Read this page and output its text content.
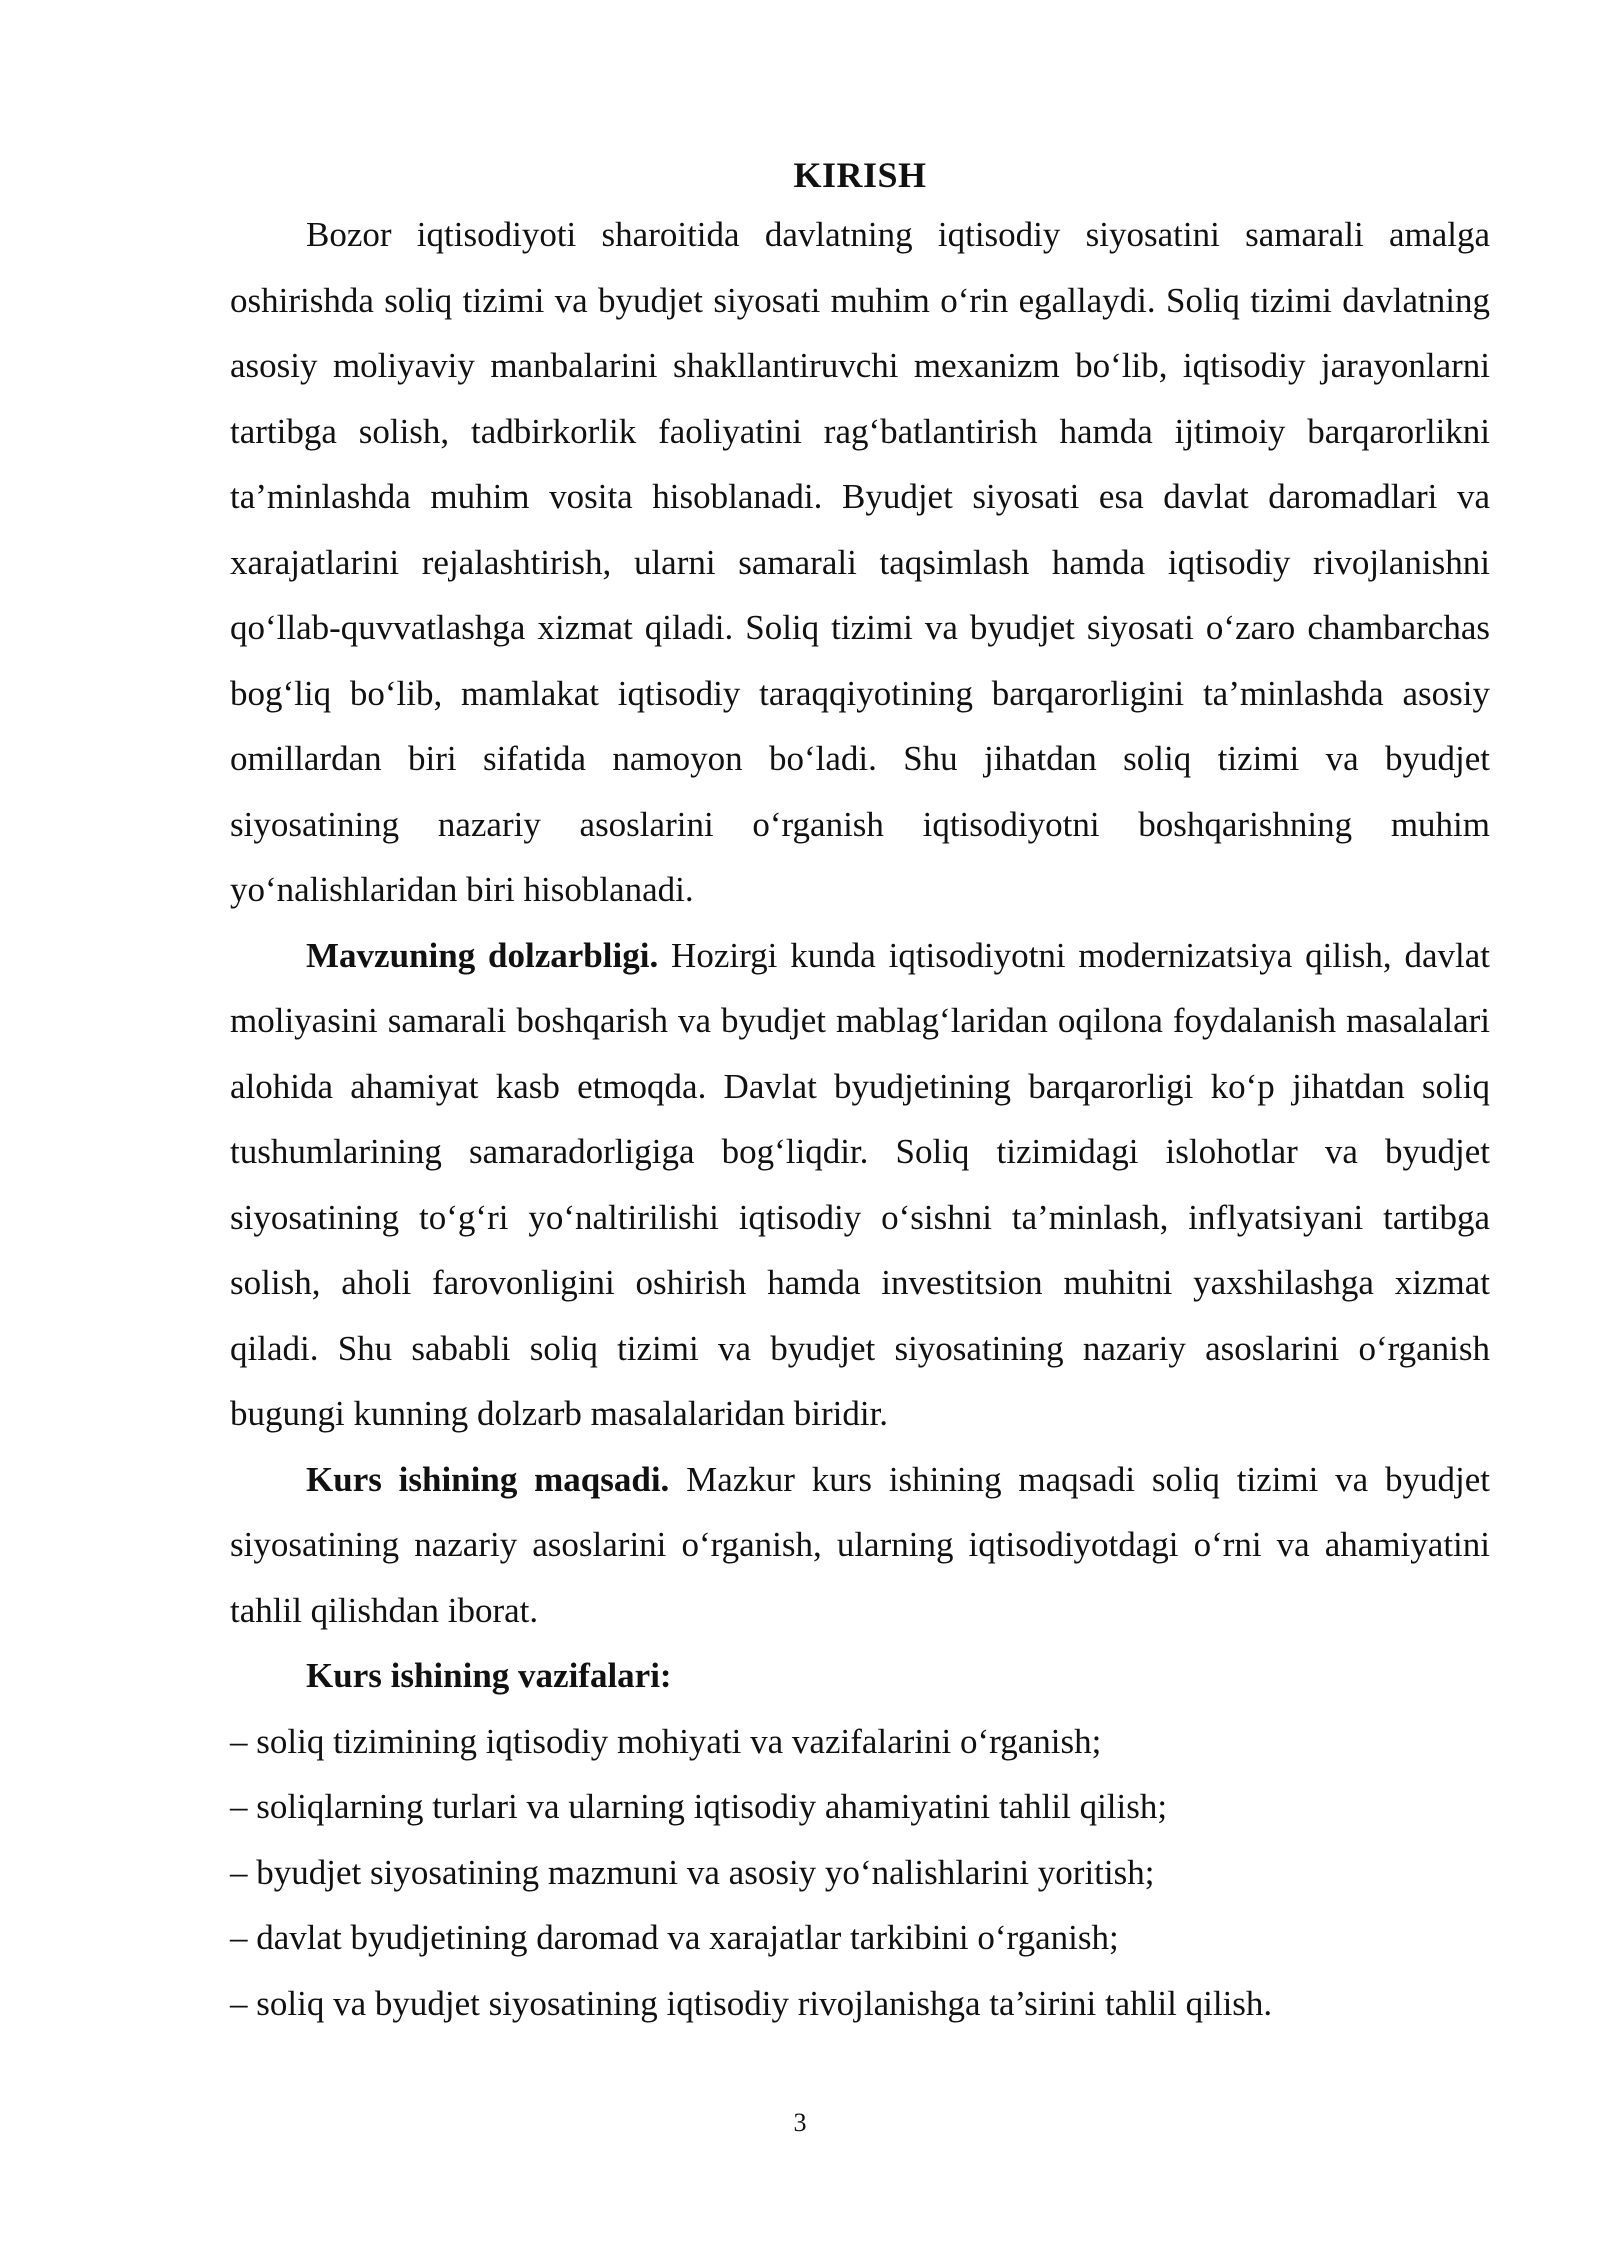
KIRISH

Bozor iqtisodiyoti sharoitida davlatning iqtisodiy siyosatini samarali amalga oshirishda soliq tizimi va byudjet siyosati muhim o‘rin egallaydi. Soliq tizimi davlatning asosiy moliyaviy manbalarini shakllantiruvchi mexanizm bo‘lib, iqtisodiy jarayonlarni tartibga solish, tadbirkorlik faoliyatini rag‘batlantirish hamda ijtimoiy barqarorlikni ta’minlashda muhim vosita hisoblanadi. Byudjet siyosati esa davlat daromadlari va xarajatlarini rejalashtirish, ularni samarali taqsimlash hamda iqtisodiy rivojlanishni qo‘llab-quvvatlashga xizmat qiladi. Soliq tizimi va byudjet siyosati o‘zaro chambarchas bog‘liq bo‘lib, mamlakat iqtisodiy taraqqiyotining barqarorligini ta’minlashda asosiy omillardan biri sifatida namoyon bo‘ladi. Shu jihatdan soliq tizimi va byudjet siyosatining nazariy asoslarini o‘rganish iqtisodiyotni boshqarishning muhim yo‘nalishlaridan biri hisoblanadi.

Mavzuning dolzarbligi. Hozirgi kunda iqtisodiyotni modernizatsiya qilish, davlat moliyasini samarali boshqarish va byudjet mablag‘laridan oqilona foydalanish masalalari alohida ahamiyat kasb etmoqda. Davlat byudjetining barqarorligi ko‘p jihatdan soliq tushumlarining samaradorligiga bog‘liqdir. Soliq tizimidagi islohotlar va byudjet siyosatining to‘g‘ri yo‘naltirilishi iqtisodiy o‘sishni ta’minlash, inflyatsiyani tartibga solish, aholi farovonligini oshirish hamda investitsion muhitni yaxshilashga xizmat qiladi. Shu sababli soliq tizimi va byudjet siyosatining nazariy asoslarini o‘rganish bugungi kunning dolzarb masalalaridan biridir.

Kurs ishining maqsadi. Mazkur kurs ishining maqsadi soliq tizimi va byudjet siyosatining nazariy asoslarini o‘rganish, ularning iqtisodiyotdagi o‘rni va ahamiyatini tahlil qilishdan iborat.

Kurs ishining vazifalari:

– soliq tizimining iqtisodiy mohiyati va vazifalarini o‘rganish;
– soliqlarning turlari va ularning iqtisodiy ahamiyatini tahlil qilish;
– byudjet siyosatining mazmuni va asosiy yo‘nalishlarini yoritish;
– davlat byudjetining daromad va xarajatlar tarkibini o‘rganish;
– soliq va byudjet siyosatining iqtisodiy rivojlanishga ta’sirini tahlil qilish.
3
